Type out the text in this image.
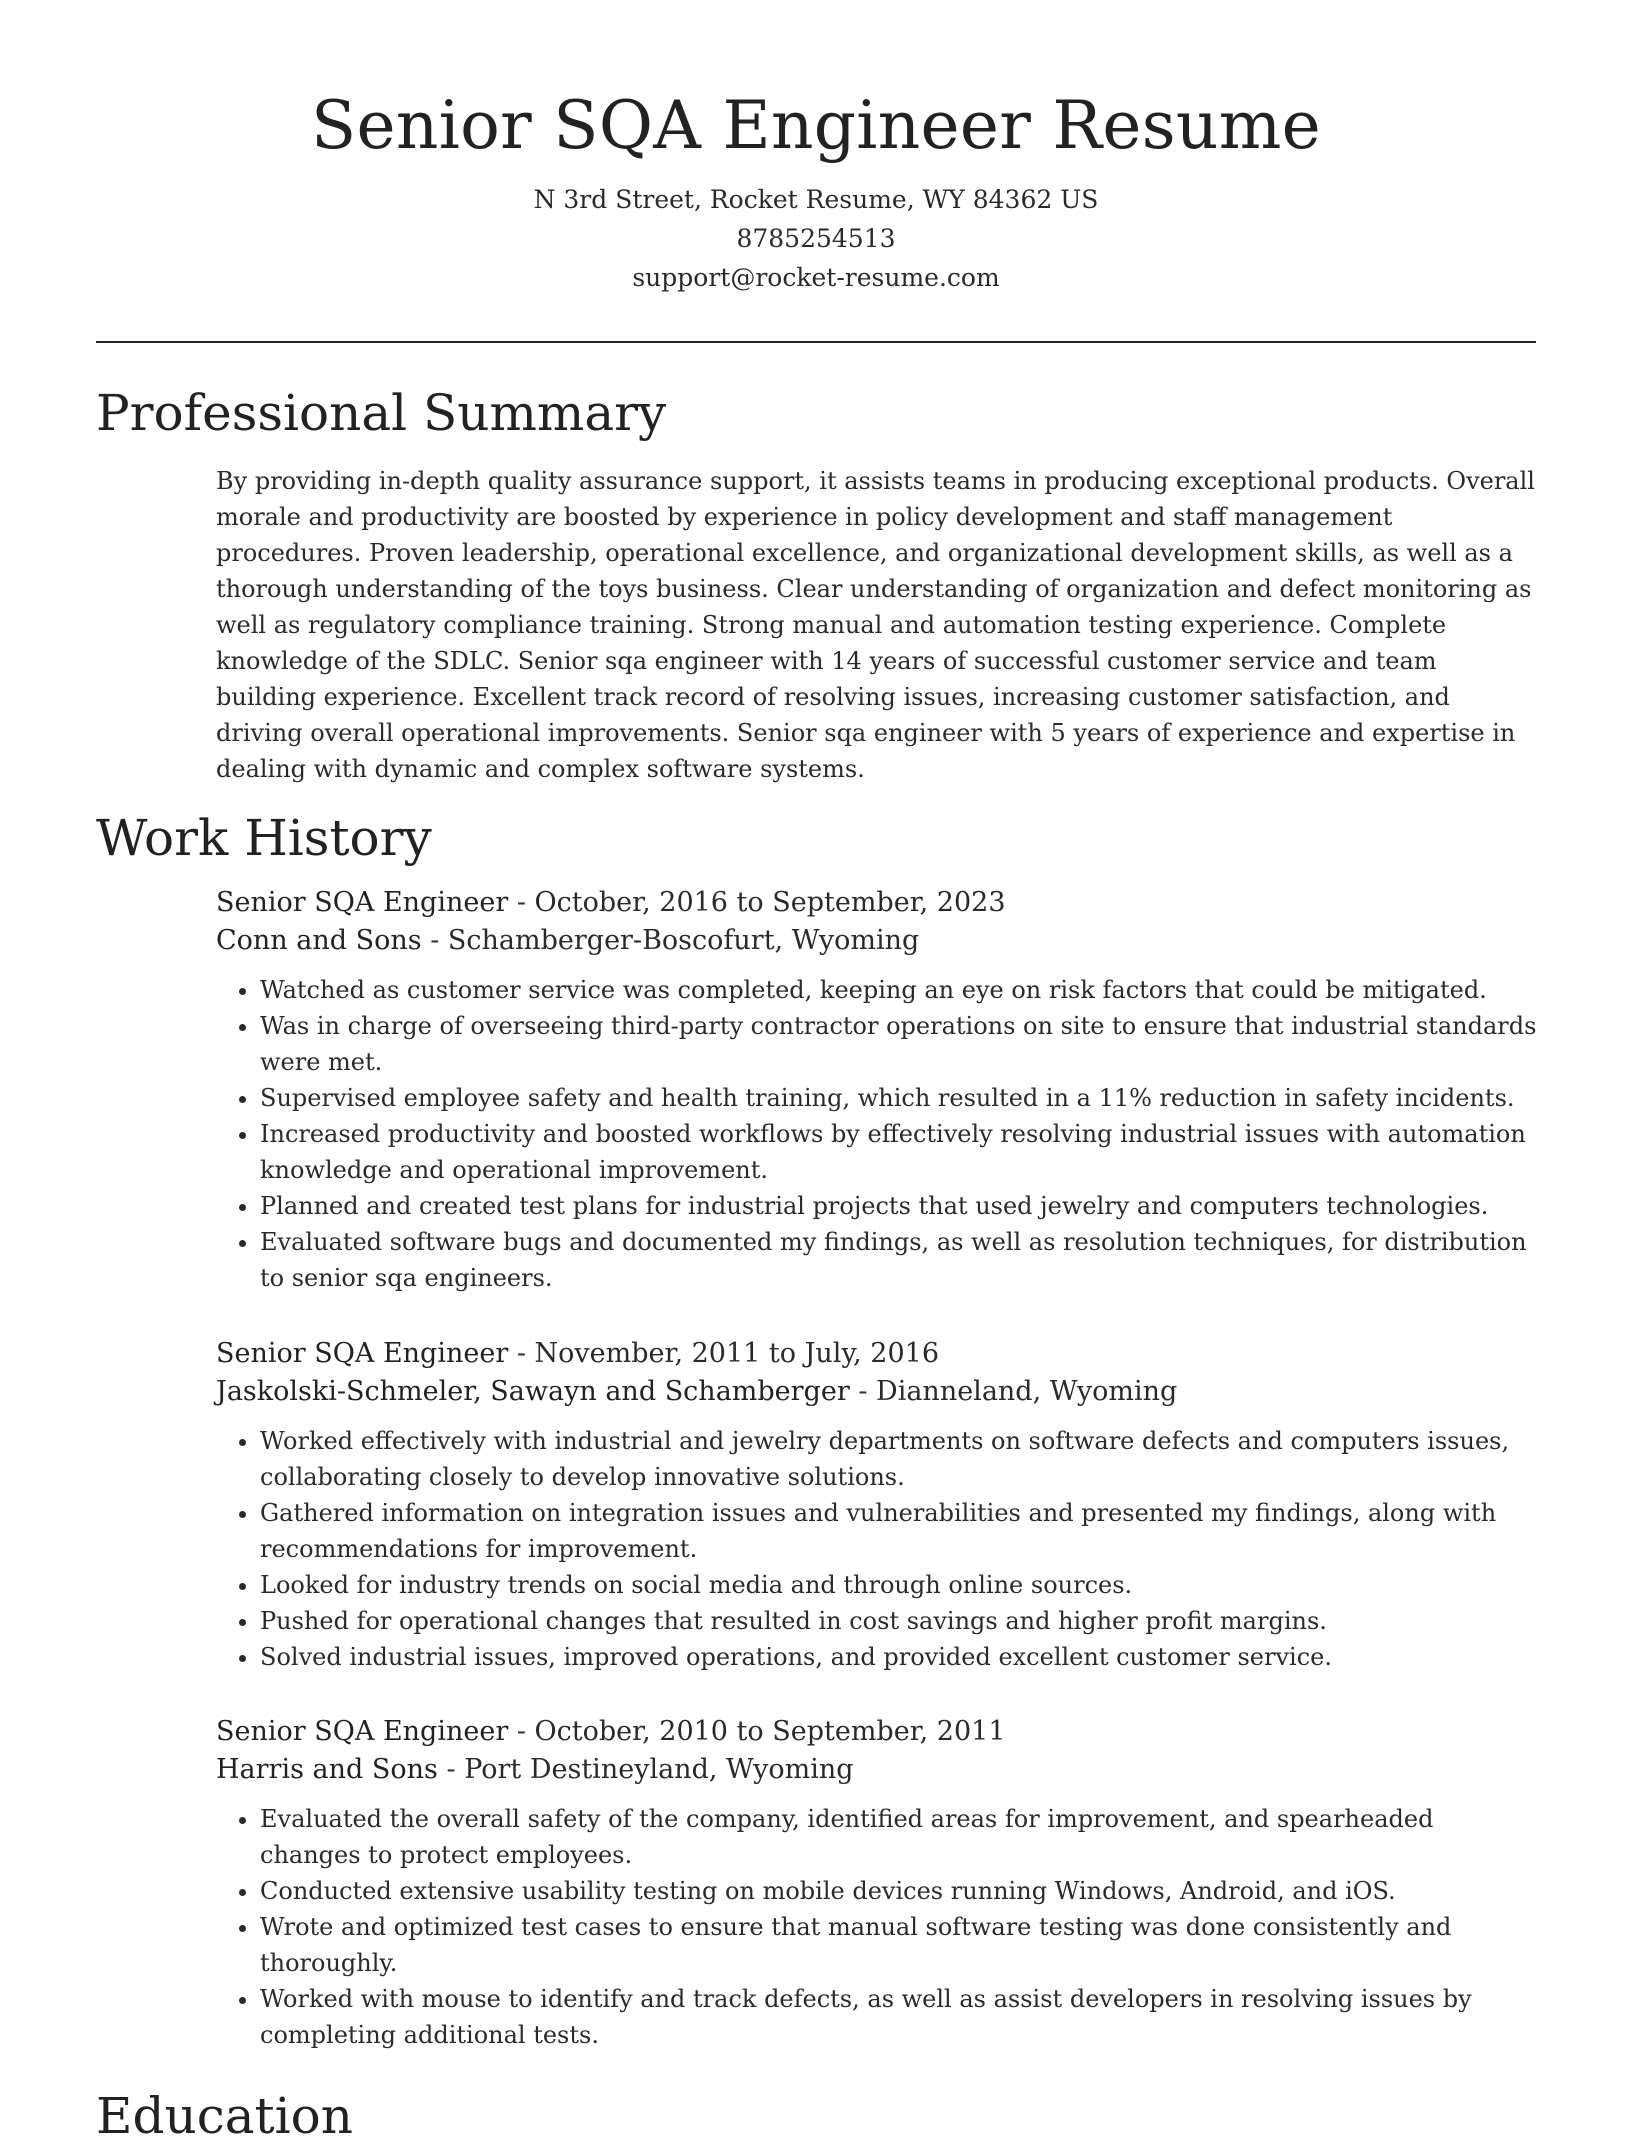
Senior SQA Engineer Resume
N 3rd Street, Rocket Resume, WY 84362 US
8785254513
support@rocket-resume.com
Professional Summary

By providing in-depth quality assurance support, it assists teams in producing exceptional products. Overall morale and productivity are boosted by experience in policy development and staff management procedures. Proven leadership, operational excellence, and organizational development skills, as well as a thorough understanding of the toys business. Clear understanding of organization and defect monitoring as well as regulatory compliance training. Strong manual and automation testing experience. Complete knowledge of the SDLC. Senior sqa engineer with 14 years of successful customer service and team building experience. Excellent track record of resolving issues, increasing customer satisfaction, and driving overall operational improvements. Senior sqa engineer with 5 years of experience and expertise in dealing with dynamic and complex software systems.

Work History
Senior SQA Engineer - October, 2016 to September, 2023
Conn and Sons - Schamberger-Boscofurt, Wyoming
• Watched as customer service was completed, keeping an eye on risk factors that could be mitigated.
• Was in charge of overseeing third-party contractor operations on site to ensure that industrial standards were met.
• Supervised employee safety and health training, which resulted in a 11% reduction in safety incidents.
• Increased productivity and boosted workflows by effectively resolving industrial issues with automation knowledge and operational improvement.
• Planned and created test plans for industrial projects that used jewelry and computers technologies.
• Evaluated software bugs and documented my findings, as well as resolution techniques, for distribution to senior sqa engineers.
Senior SQA Engineer - November, 2011 to July, 2016
Jaskolski-Schmeler, Sawayn and Schamberger - Dianneland, Wyoming
• Worked effectively with industrial and jewelry departments on software defects and computers issues, collaborating closely to develop innovative solutions.
• Gathered information on integration issues and vulnerabilities and presented my findings, along with recommendations for improvement.
• Looked for industry trends on social media and through online sources.
• Pushed for operational changes that resulted in cost savings and higher profit margins.
• Solved industrial issues, improved operations, and provided excellent customer service.
Senior SQA Engineer - October, 2010 to September, 2011
Harris and Sons - Port Destineyland, Wyoming
• Evaluated the overall safety of the company, identified areas for improvement, and spearheaded changes to protect employees.
• Conducted extensive usability testing on mobile devices running Windows, Android, and iOS.
• Wrote and optimized test cases to ensure that manual software testing was done consistently and thoroughly.
• Worked with mouse to identify and track defects, as well as assist developers in resolving issues by completing additional tests.
Education
